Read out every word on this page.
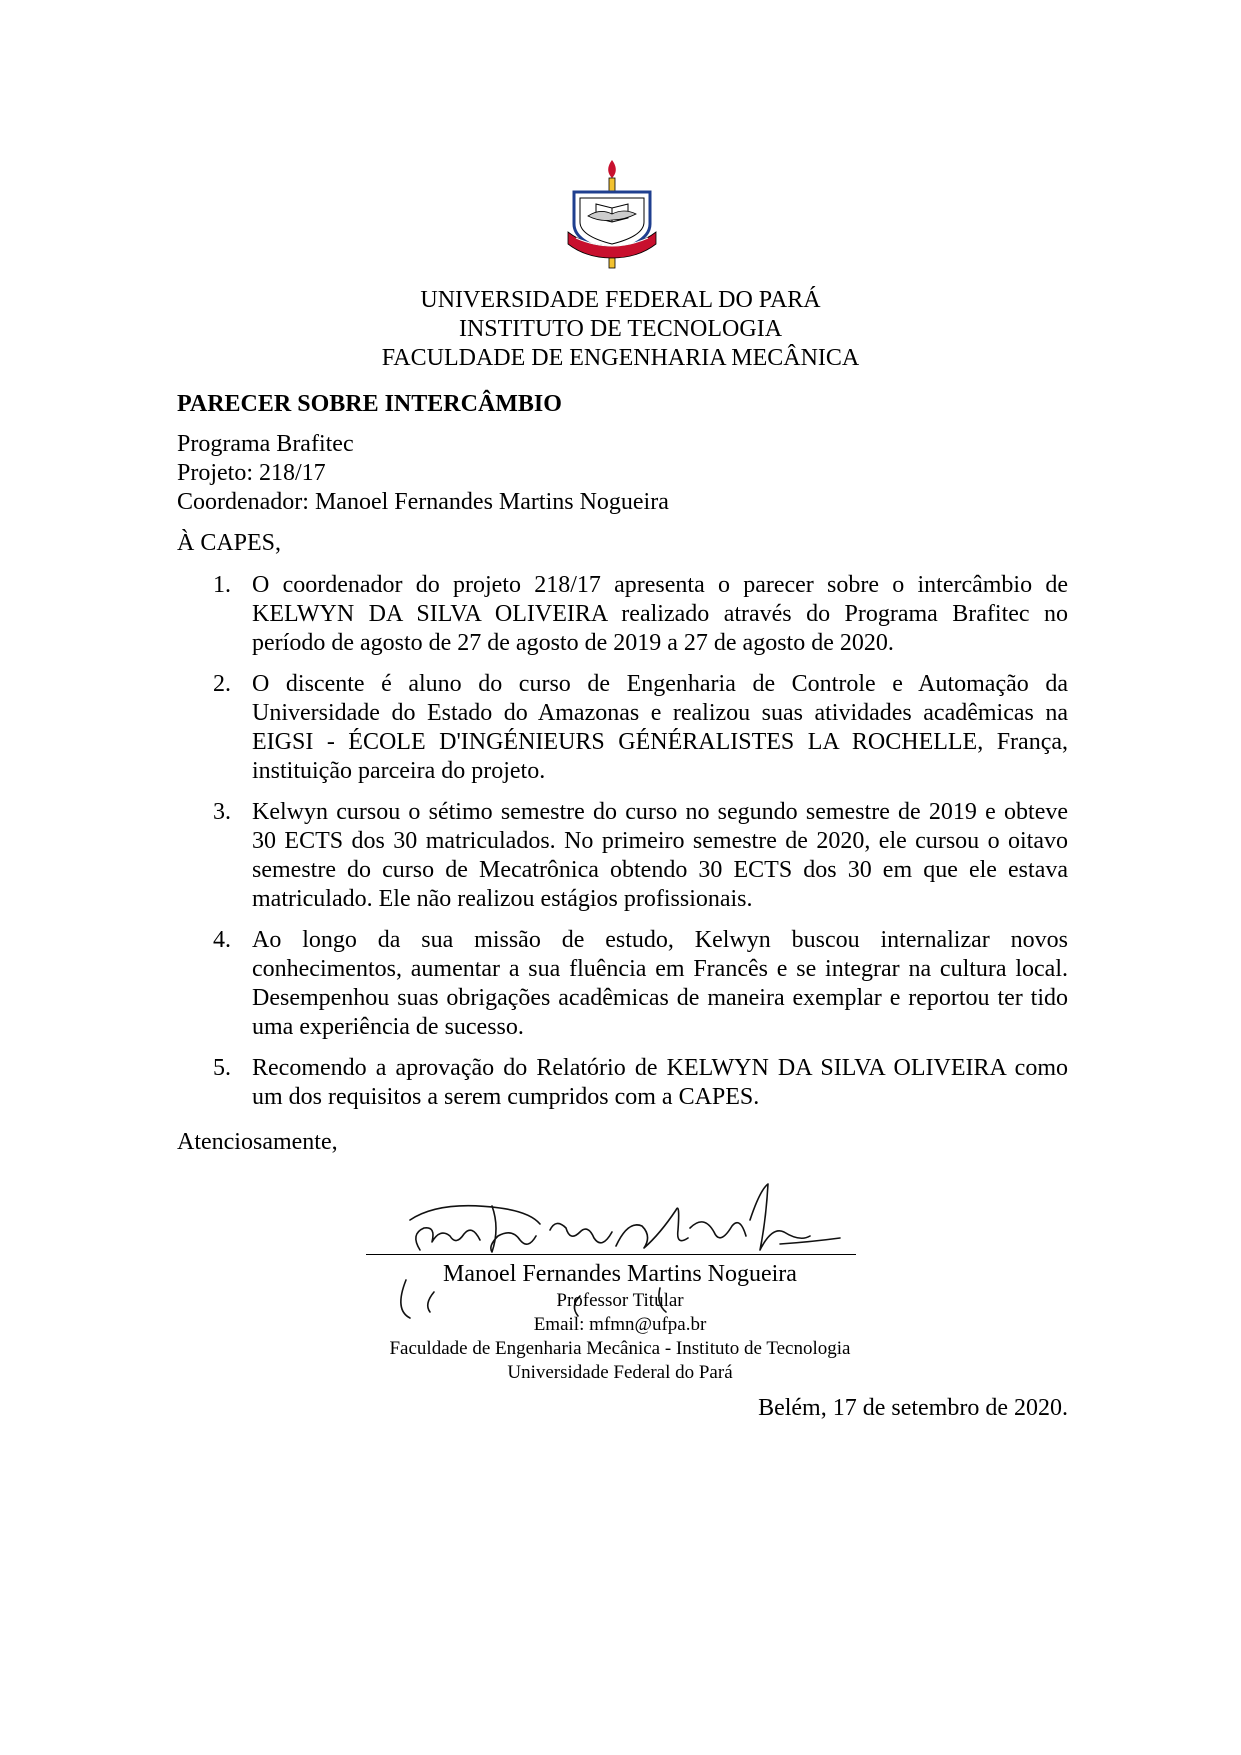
UNIVERSIDADE FEDERAL DO PARÁ
INSTITUTO DE TECNOLOGIA
FACULDADE DE ENGENHARIA MECÂNICA
PARECER SOBRE INTERCÂMBIO
Programa Brafitec
Projeto: 218/17
Coordenador: Manoel Fernandes Martins Nogueira
À CAPES,
1. O coordenador do projeto 218/17 apresenta o parecer sobre o intercâmbio de KELWYN DA SILVA OLIVEIRA realizado através do Programa Brafitec no período de agosto de 27 de agosto de 2019 a 27 de agosto de 2020.
2. O discente é aluno do curso de Engenharia de Controle e Automação da Universidade do Estado do Amazonas e realizou suas atividades acadêmicas na EIGSI - ÉCOLE D'INGÉNIEURS GÉNÉRALISTES LA ROCHELLE, França, instituição parceira do projeto.
3. Kelwyn cursou o sétimo semestre do curso no segundo semestre de 2019 e obteve 30 ECTS dos 30 matriculados. No primeiro semestre de 2020, ele cursou o oitavo semestre do curso de Mecatrônica obtendo 30 ECTS dos 30 em que ele estava matriculado. Ele não realizou estágios profissionais.
4. Ao longo da sua missão de estudo, Kelwyn buscou internalizar novos conhecimentos, aumentar a sua fluência em Francês e se integrar na cultura local. Desempenhou suas obrigações acadêmicas de maneira exemplar e reportou ter tido uma experiência de sucesso.
5. Recomendo a aprovação do Relatório de KELWYN DA SILVA OLIVEIRA como um dos requisitos a serem cumpridos com a CAPES.
Atenciosamente,
Manoel Fernandes Martins Nogueira
Professor Titular
Email: mfmn@ufpa.br
Faculdade de Engenharia Mecânica - Instituto de Tecnologia
Universidade Federal do Pará
Belém, 17 de setembro de 2020.
